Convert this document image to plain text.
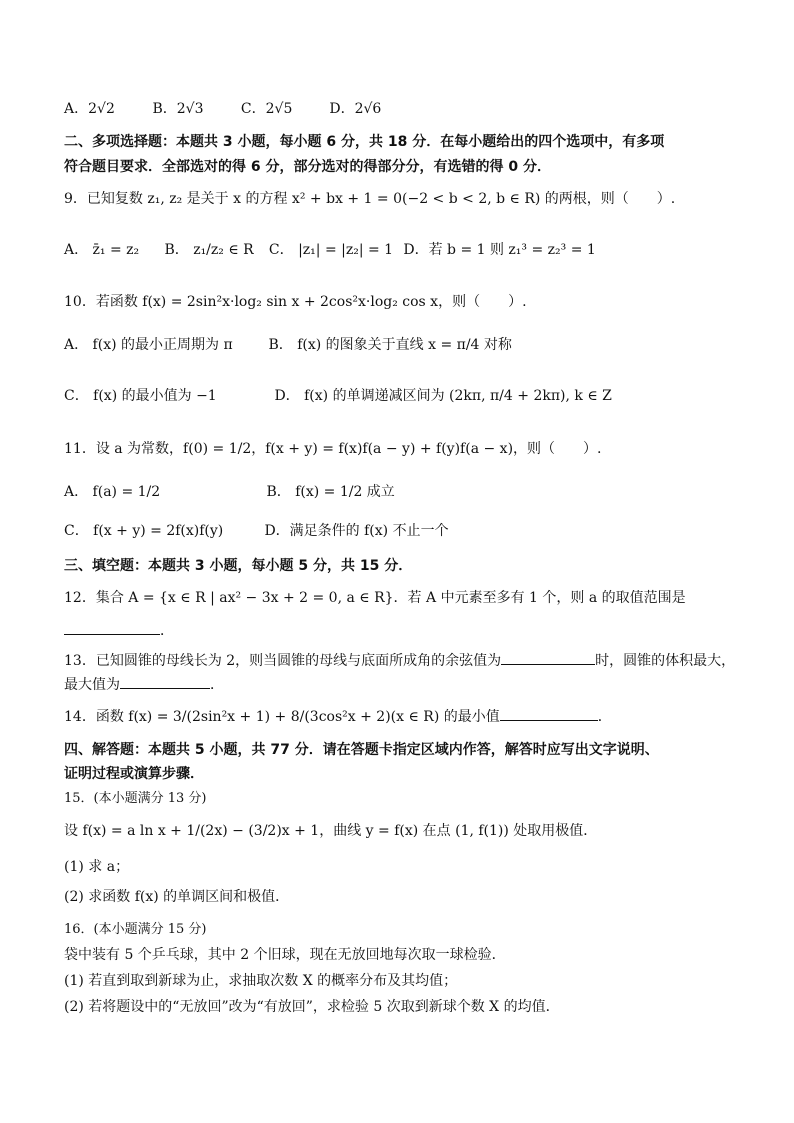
A．2√2	B．2√3	C．2√5	D．2√6
二、多项选择题：本题共 3 小题，每小题 6 分，共 18 分．在每小题给出的四个选项中，有多项
符合题目要求．全部选对的得 6 分，部分选对的得部分分，有选错的得 0 分．
9．已知复数 z₁, z₂ 是关于 x 的方程 x² + bx + 1 = 0(−2 < b < 2, b ∈ R) 的两根，则（　　）.
A． z̄₁ = z₂ B． z₁/z₂ ∈ R C． |z₁| = |z₂| = 1 D．若 b = 1 则 z₁³ = z₂³ = 1
10．若函数 f(x) = 2sin²x·log₂ sin x + 2cos²x·log₂ cos x，则（　　）.
A． f(x) 的最小正周期为 π	B． f(x) 的图象关于直线 x = π/4 对称
C． f(x) 的最小值为 −1	D． f(x) 的单调递减区间为 (2kπ, π/4 + 2kπ), k ∈ Z
11．设 a 为常数，f(0) = 1/2，f(x + y) = f(x)f(a − y) + f(y)f(a − x)，则（　　）.
A． f(a) = 1/2	B． f(x) = 1/2 成立
C． f(x + y) = 2f(x)f(y)	D．满足条件的 f(x) 不止一个
三、填空题：本题共 3 小题，每小题 5 分，共 15 分．
12．集合 A = {x ∈ R | ax² − 3x + 2 = 0, a ∈ R}．若 A 中元素至多有 1 个，则 a 的取值范围是
．
13．已知圆锥的母线长为 2，则当圆锥的母线与底面所成角的余弦值为	时，圆锥的体积最大，
最大值为	．
14．函数 f(x) = 3/(2sin²x + 1) + 8/(3cos²x + 2)(x ∈ R) 的最小值	．
四、解答题：本题共 5 小题，共 77 分．请在答题卡指定区域内作答，解答时应写出文字说明、
证明过程或演算步骤．
15．(本小题满分 13 分)
设 f(x) = a ln x + 1/(2x) − (3/2)x + 1，曲线 y = f(x) 在点 (1, f(1)) 处取用极值．
(1) 求 a；
(2) 求函数 f(x) 的单调区间和极值．
16．(本小题满分 15 分)
袋中装有 5 个乒乓球，其中 2 个旧球，现在无放回地每次取一球检验．
(1) 若直到取到新球为止，求抽取次数 X 的概率分布及其均值；
(2) 若将题设中的“无放回”改为“有放回”，求检验 5 次取到新球个数 X 的均值．
